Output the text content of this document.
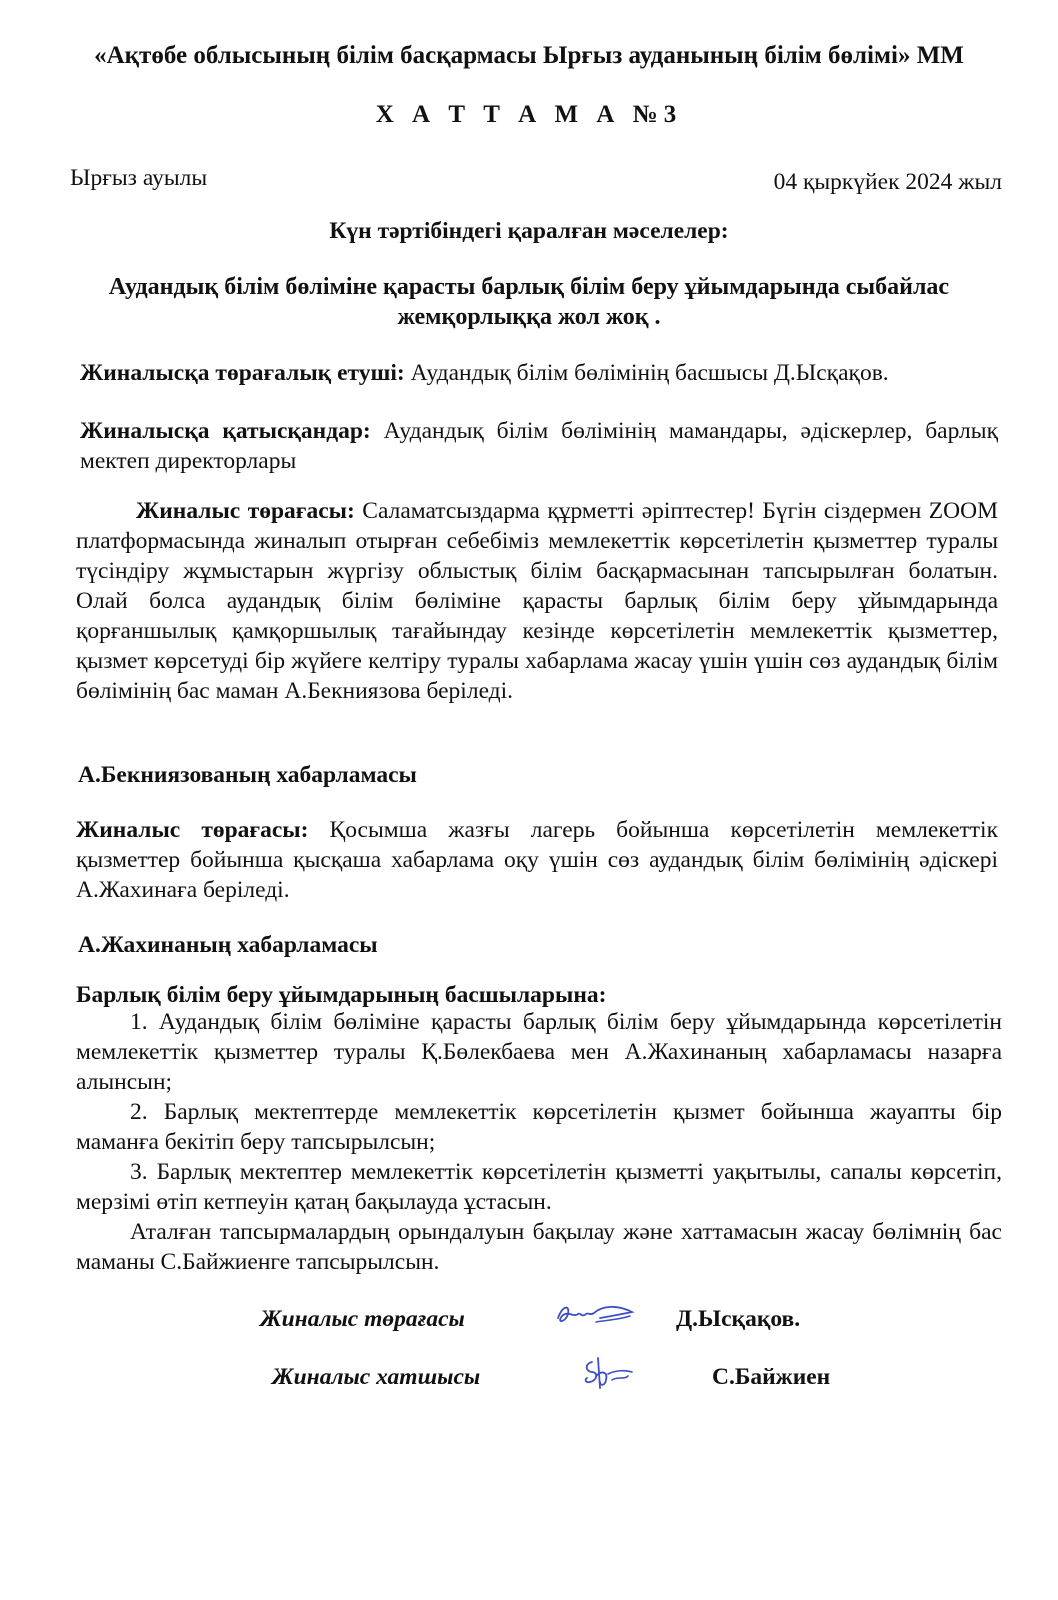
«Ақтөбе облысының білім басқармасы Ырғыз ауданының білім бөлімі» ММ
Х А Т Т А М А №3
Ырғыз ауылы	04 қыркүйек 2024 жыл
Күн тәртібіндегі қаралған мәселелер:
Аудандық білім бөліміне қарасты барлық білім беру ұйымдарында сыбайлас жемқорлыққа жол жоқ .
Жиналысқа төрағалық етуші: Аудандық білім бөлімінің басшысы Д.Ысқақов.
Жиналысқа қатысқандар: Аудандық білім бөлімінің мамандары, әдіскерлер, барлық мектеп директорлары
Жиналыс төрағасы: Саламатсыздарма құрметті әріптестер! Бүгін сіздермен ZOOM платформасында жиналып отырған себебіміз мемлекеттік көрсетілетін қызметтер туралы түсіндіру жұмыстарын жүргізу облыстық білім басқармасынан тапсырылған болатын. Олай болса аудандық білім бөліміне қарасты барлық білім беру ұйымдарында қорғаншылық қамқоршылық тағайындау кезінде көрсетілетін мемлекеттік қызметтер, қызмет көрсетуді бір жүйеге келтіру туралы хабарлама жасау үшін үшін сөз аудандық білім бөлімінің бас маман А.Бекниязова беріледі.
А.Бекниязованың хабарламасы
Жиналыс төрағасы: Қосымша жазғы лагерь бойынша көрсетілетін мемлекеттік қызметтер бойынша қысқаша хабарлама оқу үшін сөз аудандық білім бөлімінің әдіскері А.Жахинаға беріледі.
А.Жахинаның хабарламасы
Барлық білім беру ұйымдарының басшыларына:

1. Аудандық білім бөліміне қарасты барлық білім беру ұйымдарында көрсетілетін мемлекеттік қызметтер туралы Қ.Бөлекбаева мен А.Жахинаның хабарламасы назарға алынсын;

2. Барлық мектептерде мемлекеттік көрсетілетін қызмет бойынша жауапты бір маманға бекітіп беру тапсырылсын;

3. Барлық мектептер мемлекеттік көрсетілетін қызметті уақытылы, сапалы көрсетіп, мерзімі өтіп кетпеуін қатаң бақылауда ұстасын.

Аталған тапсырмалардың орындалуын бақылау және хаттамасын жасау бөлімнің бас маманы С.Байжиенге тапсырылсын.

Жиналыс төрағасы	Д.Ысқақов.
Жиналыс хатшысы	С.Байжиен
